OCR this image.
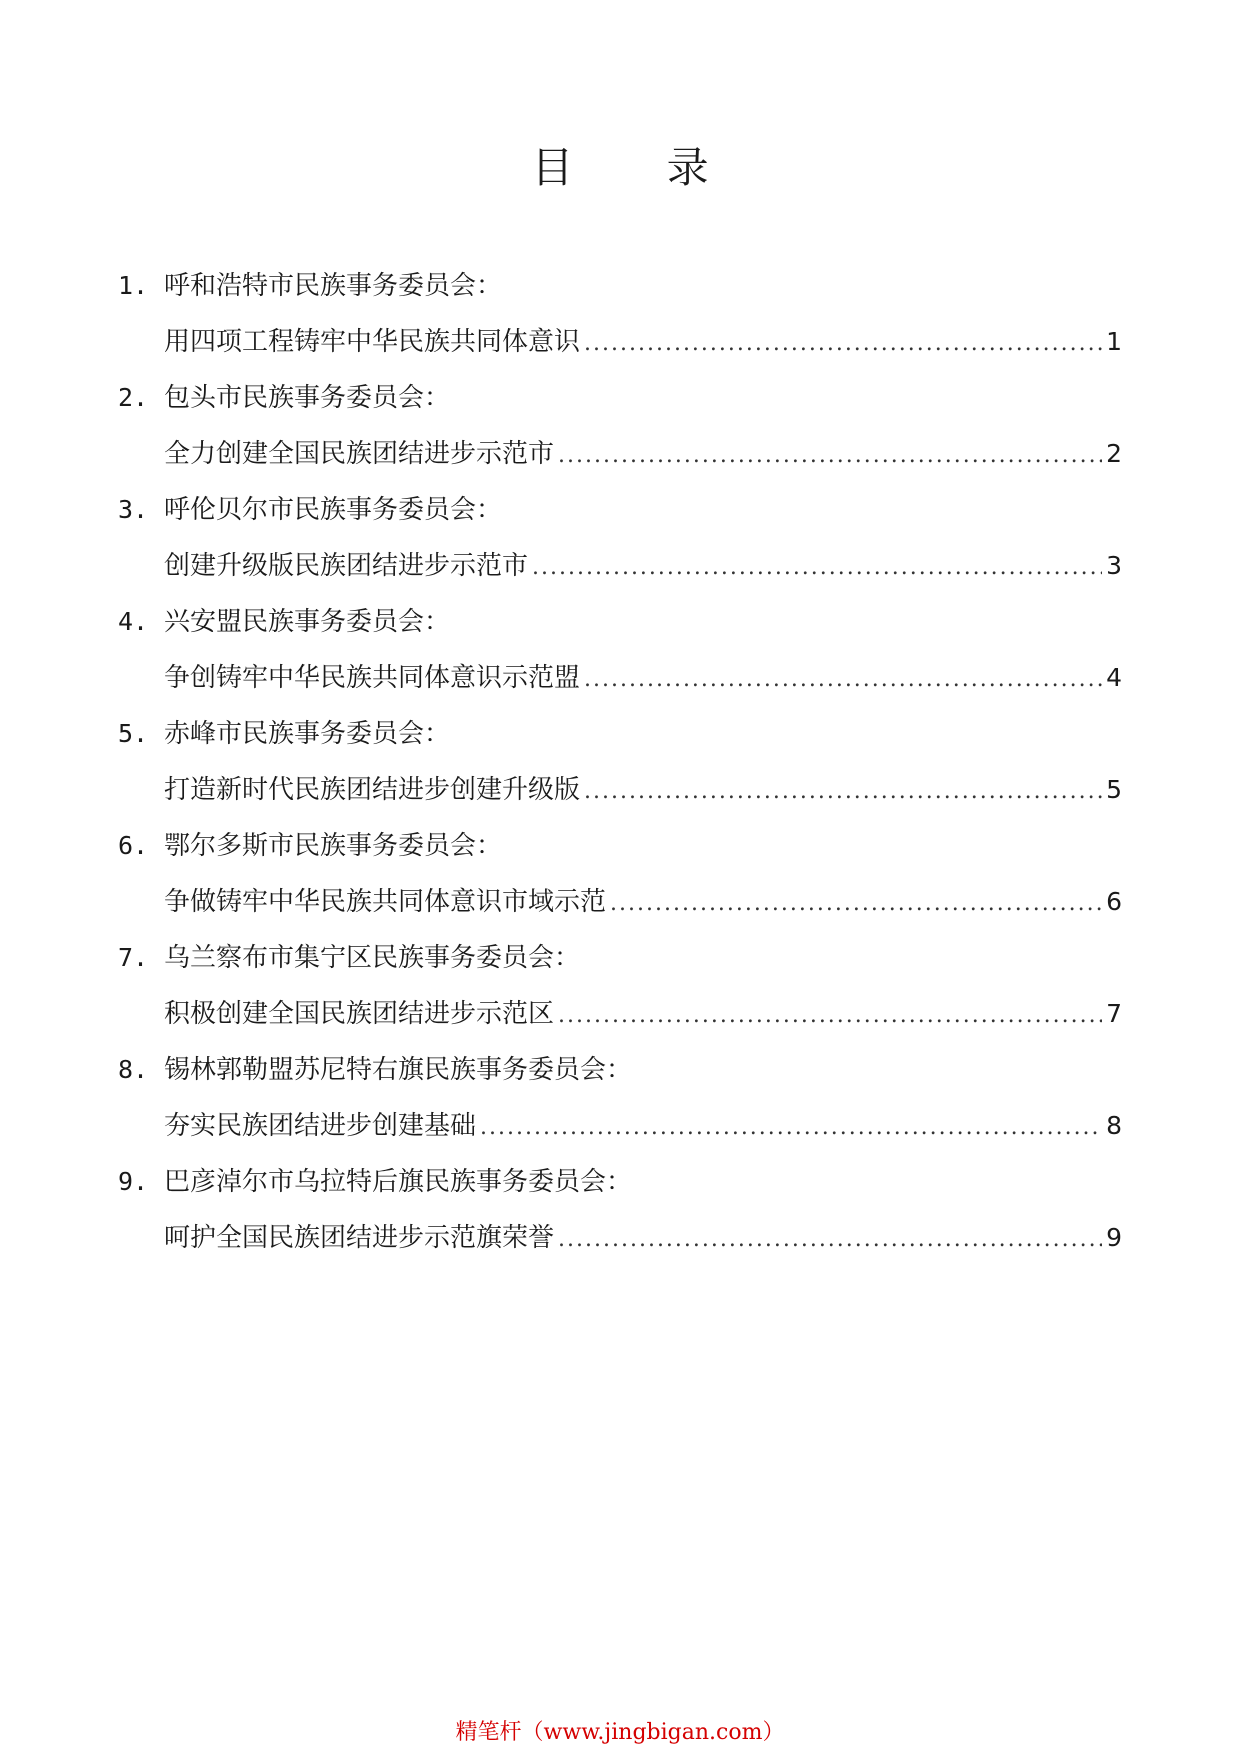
目 录
1. 呼和浩特市民族事务委员会：
用四项工程铸牢中华民族共同体意识 .....	1
2. 包头市民族事务委员会：
全力创建全国民族团结进步示范市 .....	2
3. 呼伦贝尔市民族事务委员会：
创建升级版民族团结进步示范市 .....	3
4. 兴安盟民族事务委员会：
争创铸牢中华民族共同体意识示范盟 .....	4
5. 赤峰市民族事务委员会：
打造新时代民族团结进步创建升级版 .....	5
6. 鄂尔多斯市民族事务委员会：
争做铸牢中华民族共同体意识市域示范 .....	6
7. 乌兰察布市集宁区民族事务委员会：
积极创建全国民族团结进步示范区 .....	7
8. 锡林郭勒盟苏尼特右旗民族事务委员会：
夯实民族团结进步创建基础 .....	8
9. 巴彦淖尔市乌拉特后旗民族事务委员会：
呵护全国民族团结进步示范旗荣誉 .....	9
精笔杆（www.jingbigan.com）
